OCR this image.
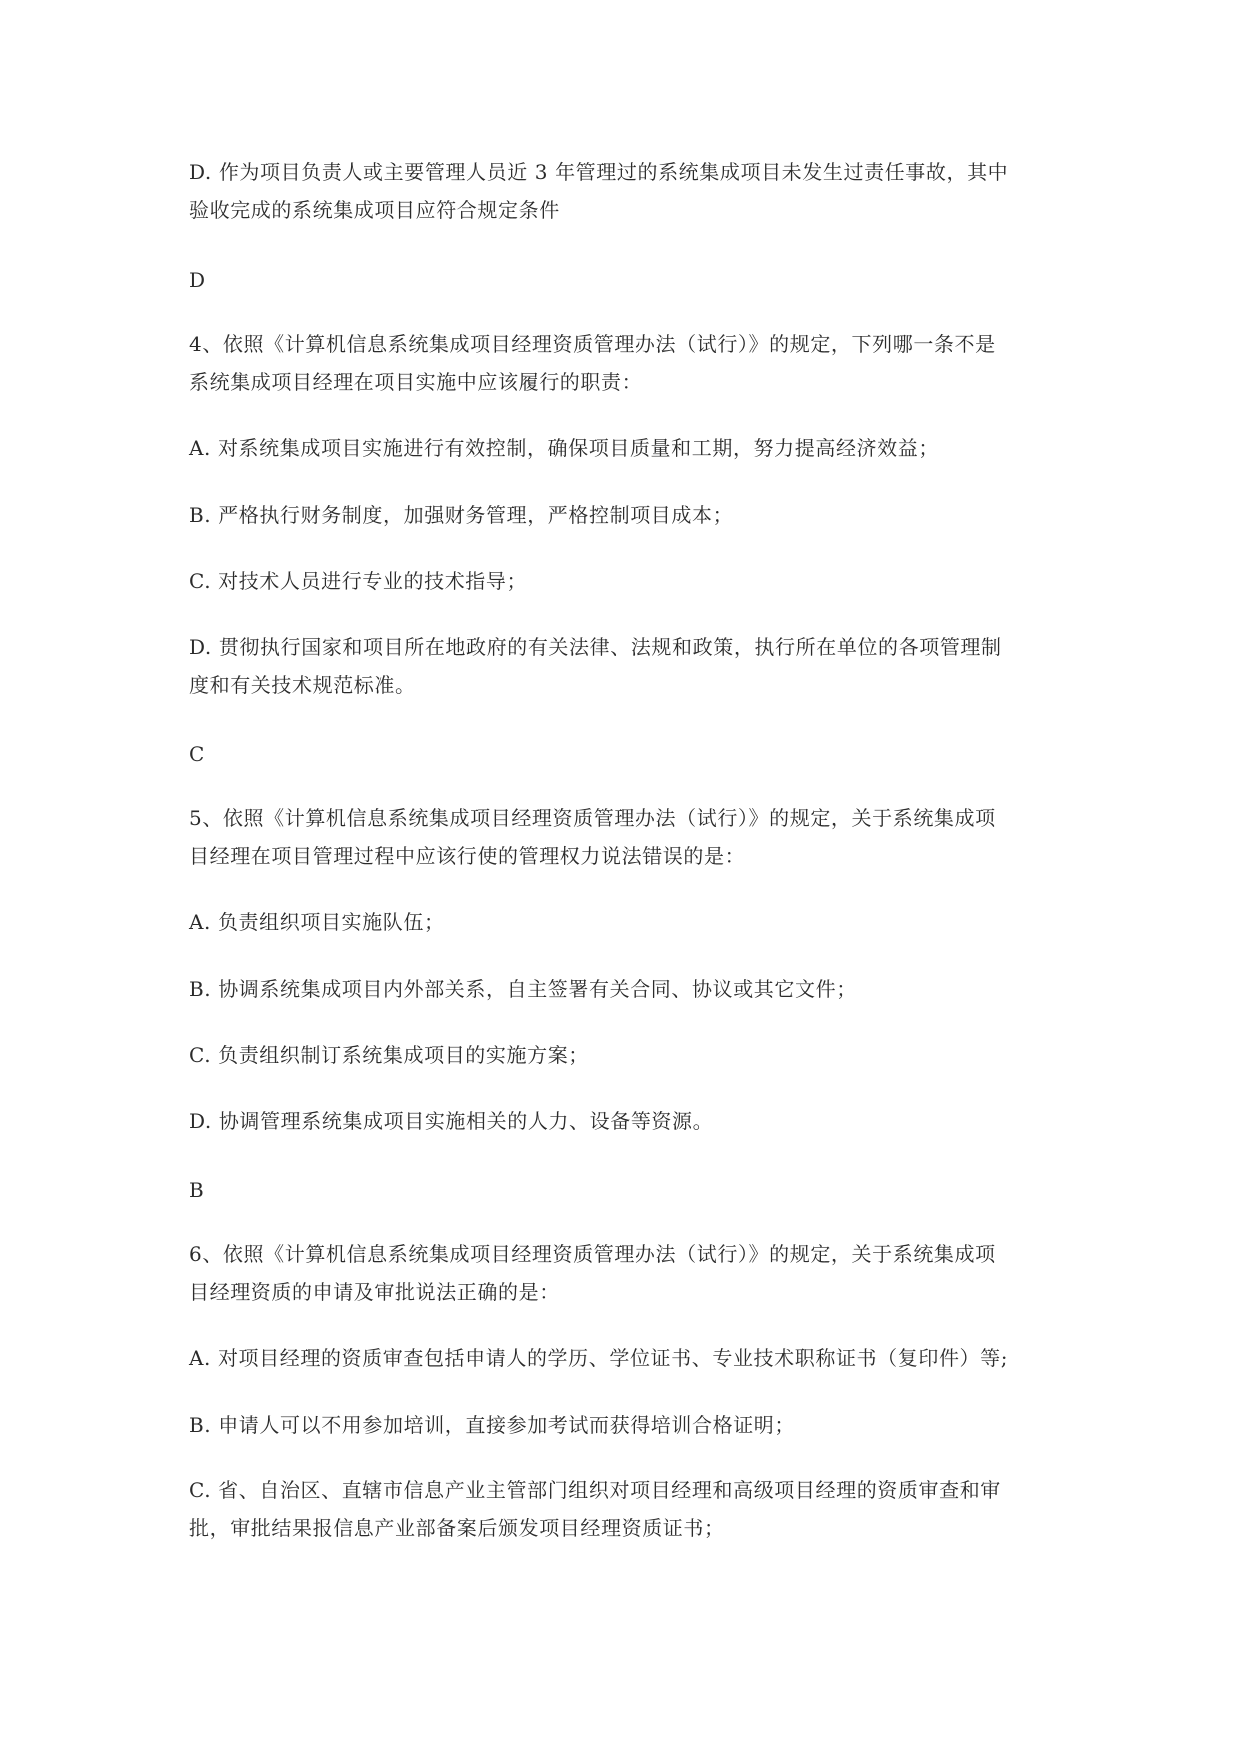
D. 作为项目负责人或主要管理人员近 3 年管理过的系统集成项目未发生过责任事故，其中
验收完成的系统集成项目应符合规定条件
D
4、依照《计算机信息系统集成项目经理资质管理办法（试行）》的规定，下列哪一条不是
系统集成项目经理在项目实施中应该履行的职责：
A. 对系统集成项目实施进行有效控制，确保项目质量和工期，努力提高经济效益；
B. 严格执行财务制度，加强财务管理，严格控制项目成本；
C. 对技术人员进行专业的技术指导；
D. 贯彻执行国家和项目所在地政府的有关法律、法规和政策，执行所在单位的各项管理制
度和有关技术规范标准。
C
5、依照《计算机信息系统集成项目经理资质管理办法（试行）》的规定，关于系统集成项
目经理在项目管理过程中应该行使的管理权力说法错误的是：
A. 负责组织项目实施队伍；
B. 协调系统集成项目内外部关系，自主签署有关合同、协议或其它文件；
C. 负责组织制订系统集成项目的实施方案；
D. 协调管理系统集成项目实施相关的人力、设备等资源。
B
6、依照《计算机信息系统集成项目经理资质管理办法（试行）》的规定，关于系统集成项
目经理资质的申请及审批说法正确的是：
A. 对项目经理的资质审查包括申请人的学历、学位证书、专业技术职称证书（复印件）等;
B. 申请人可以不用参加培训，直接参加考试而获得培训合格证明；
C. 省、自治区、直辖市信息产业主管部门组织对项目经理和高级项目经理的资质审查和审
批，审批结果报信息产业部备案后颁发项目经理资质证书；
